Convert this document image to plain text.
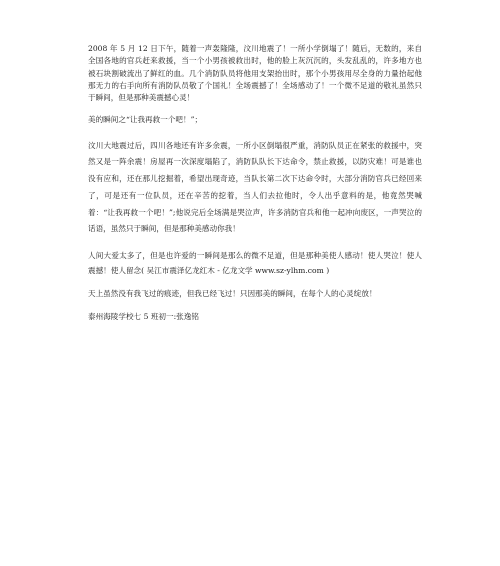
2008 年 5 月 12 日下午，随着一声轰隆隆，汶川地震了！一所小学倒塌了！随后，无数的，来自全国各地的官兵赶来救援，当一个小男孩被救出时，他的脸上灰沉沉的，头发乱乱的，许多地方也被石块割破流出了鲜红的血。几个消防队员将他用支架抬出时，那个小男孩用尽全身的力量抬起他那无力的右手向所有消防队员敬了个国礼！全场震撼了！全场感动了！一个微不足道的敬礼虽然只于瞬间，但是那种美震撼心灵！

美的瞬间之“让我再救一个吧！”；

汶川大地震过后，四川各地还有许多余震，一所小区倒塌很严重，消防队员正在紧张的救援中，突然又是一阵余震！房屋再一次深度塌陷了，消防队队长下达命令，禁止救援，以防灾难！可是谁也没有应和，还在那儿挖掘着，希望出现奇迹，当队长第二次下达命令时，大部分消防官兵已经回来了，可是还有一位队员，还在辛苦的挖着，当人们去拉他时，令人出乎意料的是，他竟然哭喊着：“让我再救一个吧！”;他说完后全场满是哭泣声，许多消防官兵和他一起冲向废区，一声哭泣的话语，虽然只于瞬间，但是那种美感动你我！

人间大爱太多了，但是也许爱的一瞬间是那么的微不足道，但是那种美使人感动！使人哭泣！使人震撼！使人留念( 吴江市震泽亿龙红木 - 亿龙文学 www.sz-ylhm.com )

天上虽然没有我飞过的痕迹，但我已经飞过！只因那美的瞬间，在每个人的心灵绽放！

泰州海陵学校七 5 班初一:张逸铭
